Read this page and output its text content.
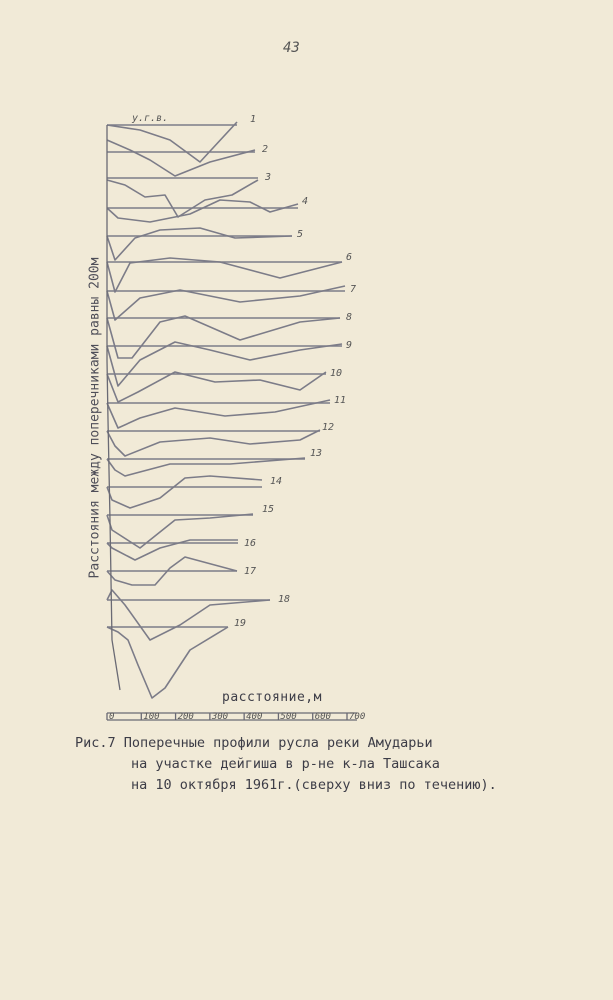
43
Расстояния между поперечниками равны 200м
1
2
3
4
5
6
7
8
9
10
11
12
13
14
15
16
17
18
19
у.г.в.
0	100 200 300 400 500 600 700
расстояние,м
Рис.7 Поперечные профили русла реки Амударьи
на участке дейгиша в р-не к-ла Ташсака
на 10 октября 1961г.(сверху вниз по течению).
